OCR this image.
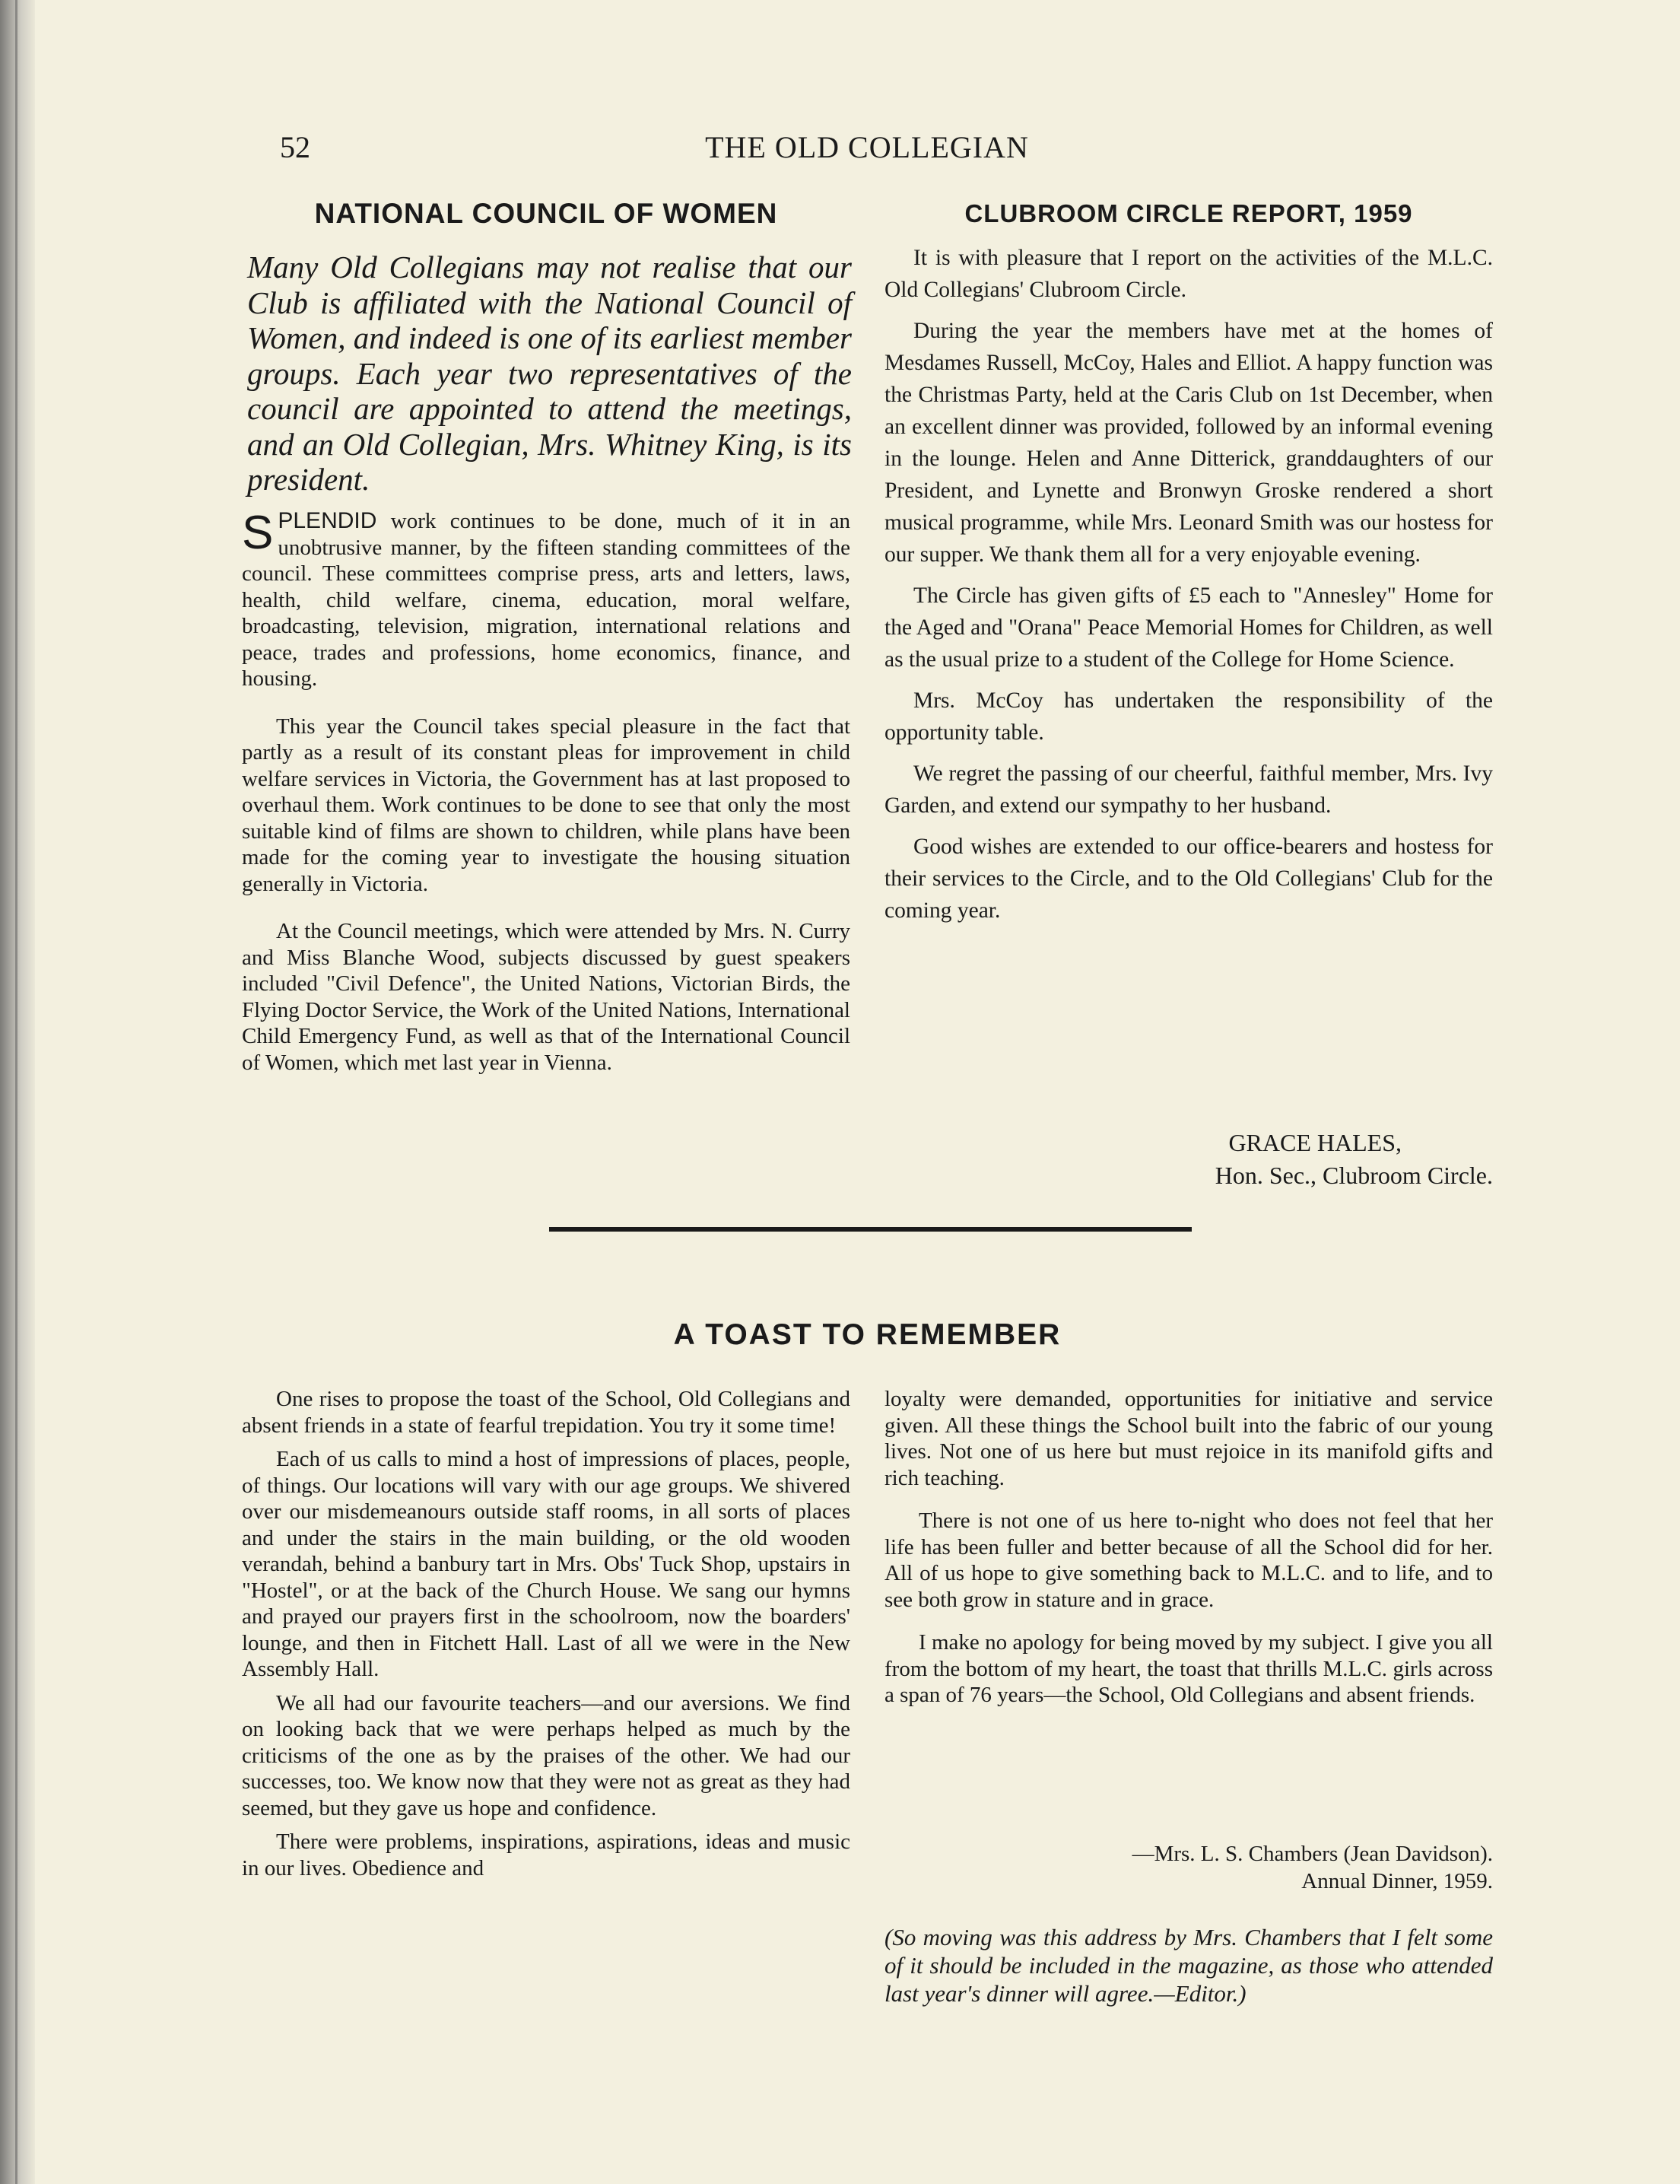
52	THE OLD COLLEGIAN
NATIONAL COUNCIL OF WOMEN
Many Old Collegians may not realise that our Club is affiliated with the National Council of Women, and indeed is one of its earliest member groups. Each year two representatives of the council are appointed to attend the meetings, and an Old Collegian, Mrs. Whitney King, is its president.

SPLENDID work continues to be done, much of it in an unobtrusive manner, by the fifteen standing committees of the council. These committees comprise press, arts and letters, laws, health, child welfare, cinema, education, moral welfare, broadcasting, television, migration, international relations and peace, trades and professions, home economics, finance, and housing.

This year the Council takes special pleasure in the fact that partly as a result of its constant pleas for improvement in child welfare services in Victoria, the Government has at last proposed to overhaul them. Work continues to be done to see that only the most suitable kind of films are shown to children, while plans have been made for the coming year to investigate the housing situation generally in Victoria.

At the Council meetings, which were attended by Mrs. N. Curry and Miss Blanche Wood, subjects discussed by guest speakers included "Civil Defence", the United Nations, Victorian Birds, the Flying Doctor Service, the Work of the United Nations, International Child Emergency Fund, as well as that of the International Council of Women, which met last year in Vienna.

CLUBROOM CIRCLE REPORT, 1959

It is with pleasure that I report on the activities of the M.L.C. Old Collegians' Clubroom Circle.

During the year the members have met at the homes of Mesdames Russell, McCoy, Hales and Elliot. A happy function was the Christmas Party, held at the Caris Club on 1st December, when an excellent dinner was provided, followed by an informal evening in the lounge. Helen and Anne Ditterick, granddaughters of our President, and Lynette and Bronwyn Groske rendered a short musical programme, while Mrs. Leonard Smith was our hostess for our supper. We thank them all for a very enjoyable evening.

The Circle has given gifts of £5 each to "Annesley" Home for the Aged and "Orana" Peace Memorial Homes for Children, as well as the usual prize to a student of the College for Home Science.

Mrs. McCoy has undertaken the responsibility of the opportunity table.

We regret the passing of our cheerful, faithful member, Mrs. Ivy Garden, and extend our sympathy to her husband.

Good wishes are extended to our office-bearers and hostess for their services to the Circle, and to the Old Collegians' Club for the coming year.

GRACE HALES,
Hon. Sec., Clubroom Circle.
A TOAST TO REMEMBER

One rises to propose the toast of the School, Old Collegians and absent friends in a state of fearful trepidation. You try it some time!

Each of us calls to mind a host of impressions of places, people, of things. Our locations will vary with our age groups. We shivered over our misdemeanours outside staff rooms, in all sorts of places and under the stairs in the main building, or the old wooden verandah, behind a banbury tart in Mrs. Obs' Tuck Shop, upstairs in "Hostel", or at the back of the Church House. We sang our hymns and prayed our prayers first in the schoolroom, now the boarders' lounge, and then in Fitchett Hall. Last of all we were in the New Assembly Hall.

We all had our favourite teachers—and our aversions. We find on looking back that we were perhaps helped as much by the criticisms of the one as by the praises of the other. We had our successes, too. We know now that they were not as great as they had seemed, but they gave us hope and confidence.

There were problems, inspirations, aspirations, ideas and music in our lives. Obedience and

loyalty were demanded, opportunities for initiative and service given. All these things the School built into the fabric of our young lives. Not one of us here but must rejoice in its manifold gifts and rich teaching.

There is not one of us here to-night who does not feel that her life has been fuller and better because of all the School did for her. All of us hope to give something back to M.L.C. and to life, and to see both grow in stature and in grace.

I make no apology for being moved by my subject. I give you all from the bottom of my heart, the toast that thrills M.L.C. girls across a span of 76 years—the School, Old Collegians and absent friends.

—Mrs. L. S. Chambers (Jean Davidson).
Annual Dinner, 1959.
(So moving was this address by Mrs. Chambers that I felt some of it should be included in the magazine, as those who attended last year's dinner will agree.—Editor.)
